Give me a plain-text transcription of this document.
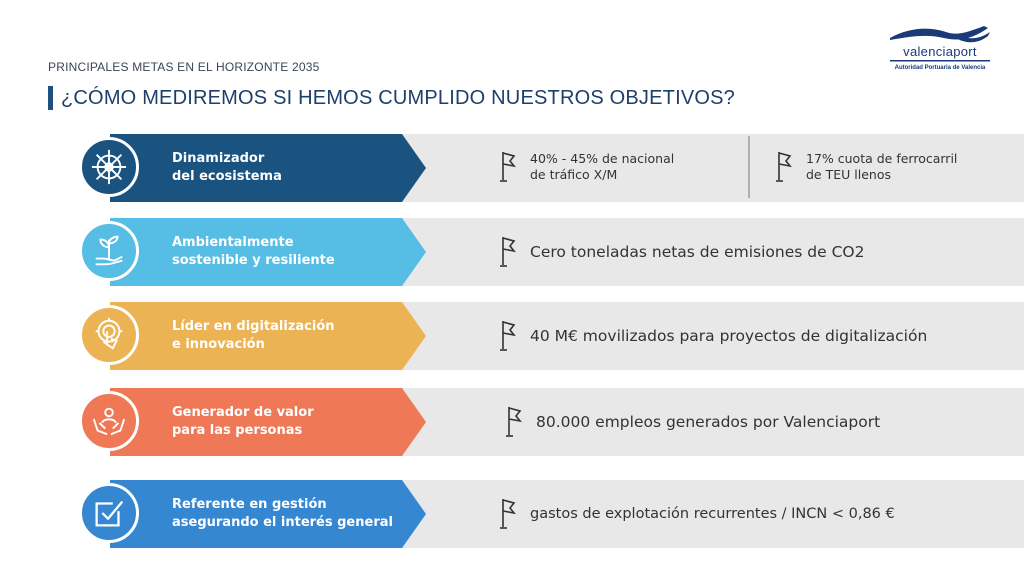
PRINCIPALES METAS EN EL HORIZONTE 2035
¿CÓMO MEDIREMOS SI HEMOS CUMPLIDO NUESTROS OBJETIVOS?
valenciaport
Autoridad Portuaria de Valencia
Dinamizador
del ecosistema
40% - 45% de nacional
de tráfico X/M
17% cuota de ferrocarril
de TEU llenos
Ambientalmente
sostenible y resiliente	Cero toneladas netas de emisiones de CO2
Líder en digitalización
e innovación	40 M€ movilizados para proyectos de digitalización
Generador de valor
para las personas	80.000 empleos generados por Valenciaport
Referente en gestión
asegurando el interés general
gastos de explotación recurrentes / INCN < 0,86 €
